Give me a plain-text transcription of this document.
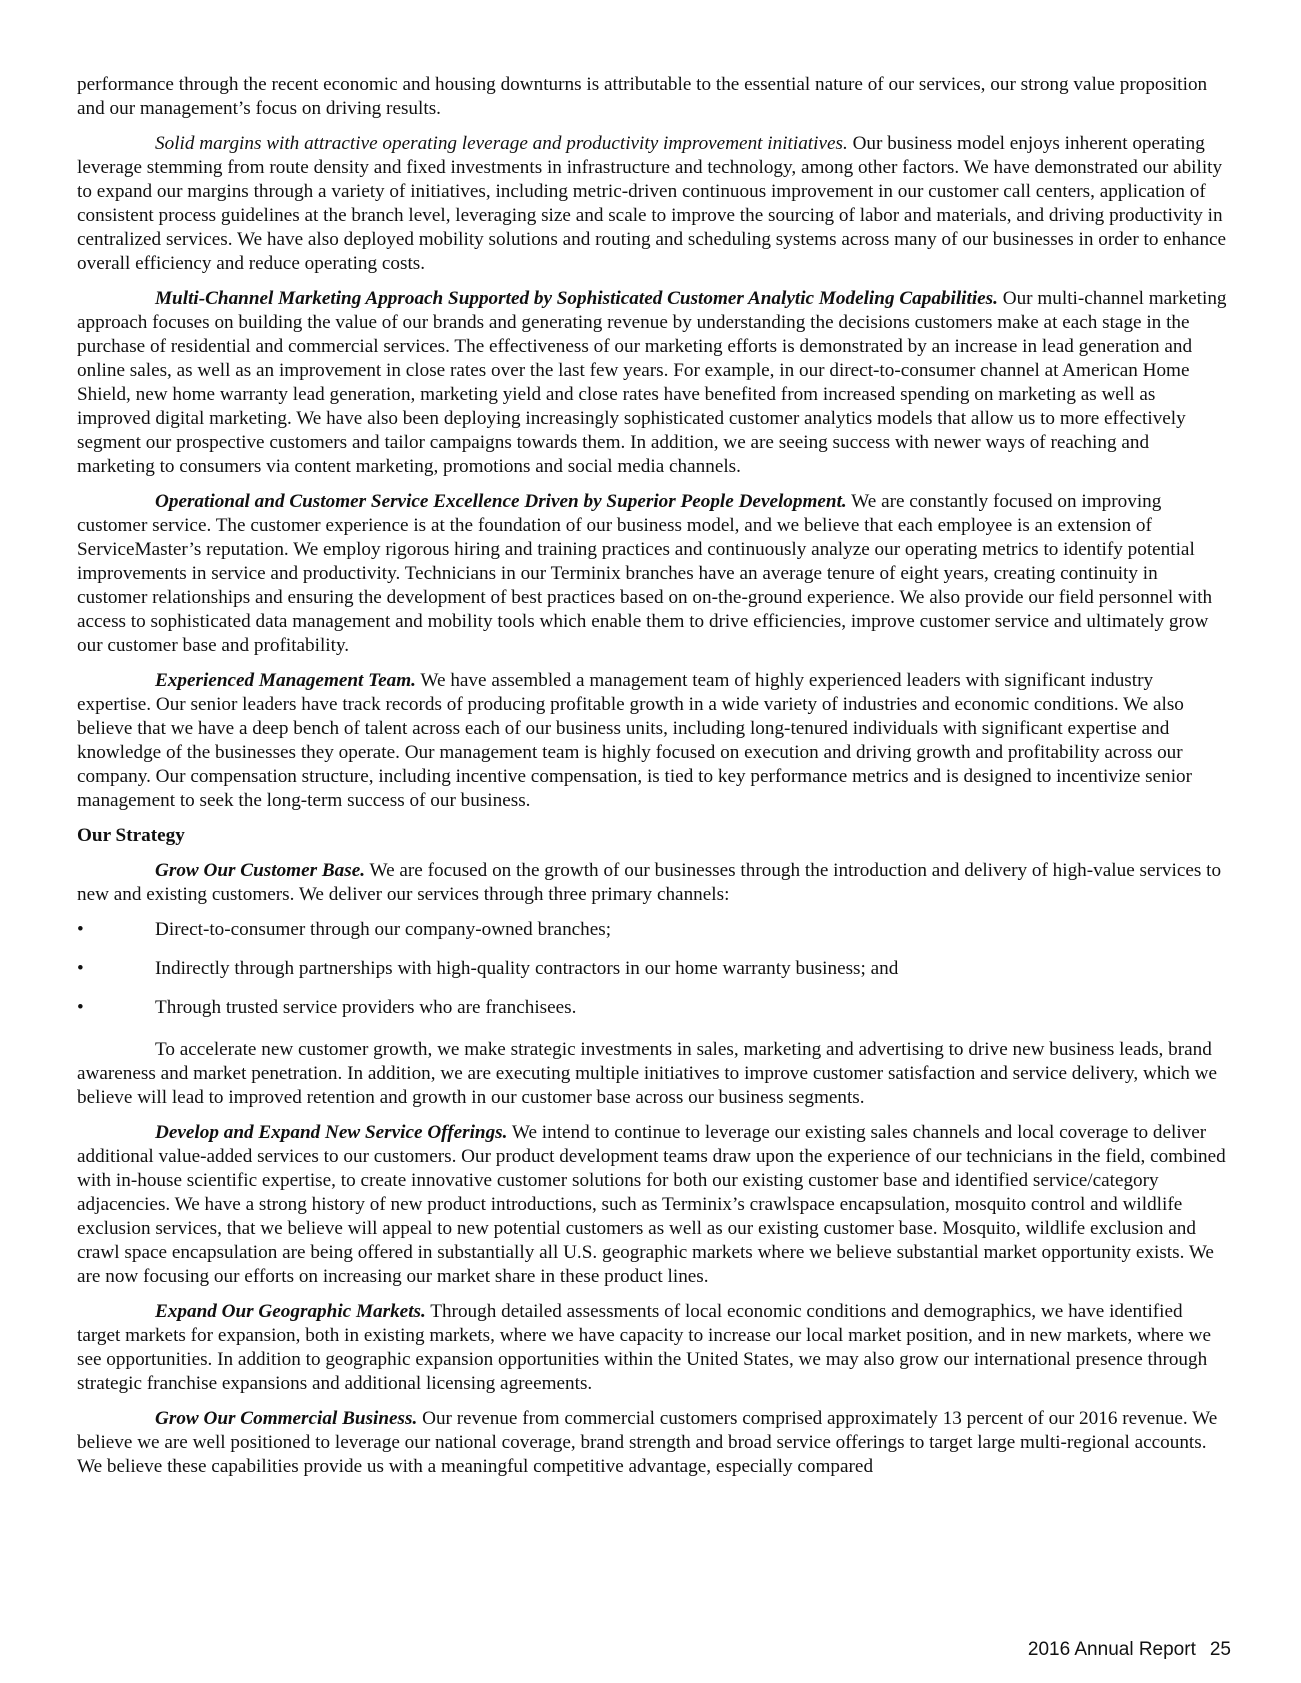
performance through the recent economic and housing downturns is attributable to the essential nature of our services, our strong value proposition and our management’s focus on driving results.

Solid margins with attractive operating leverage and productivity improvement initiatives. Our business model enjoys inherent operating leverage stemming from route density and fixed investments in infrastructure and technology, among other factors. We have demonstrated our ability to expand our margins through a variety of initiatives, including metric-driven continuous improvement in our customer call centers, application of consistent process guidelines at the branch level, leveraging size and scale to improve the sourcing of labor and materials, and driving productivity in centralized services. We have also deployed mobility solutions and routing and scheduling systems across many of our businesses in order to enhance overall efficiency and reduce operating costs.

Multi-Channel Marketing Approach Supported by Sophisticated Customer Analytic Modeling Capabilities. Our multi-channel marketing approach focuses on building the value of our brands and generating revenue by understanding the decisions customers make at each stage in the purchase of residential and commercial services. The effectiveness of our marketing efforts is demonstrated by an increase in lead generation and online sales, as well as an improvement in close rates over the last few years. For example, in our direct-to-consumer channel at American Home Shield, new home warranty lead generation, marketing yield and close rates have benefited from increased spending on marketing as well as improved digital marketing. We have also been deploying increasingly sophisticated customer analytics models that allow us to more effectively segment our prospective customers and tailor campaigns towards them. In addition, we are seeing success with newer ways of reaching and marketing to consumers via content marketing, promotions and social media channels.

Operational and Customer Service Excellence Driven by Superior People Development. We are constantly focused on improving customer service. The customer experience is at the foundation of our business model, and we believe that each employee is an extension of ServiceMaster’s reputation. We employ rigorous hiring and training practices and continuously analyze our operating metrics to identify potential improvements in service and productivity. Technicians in our Terminix branches have an average tenure of eight years, creating continuity in customer relationships and ensuring the development of best practices based on on-the-ground experience. We also provide our field personnel with access to sophisticated data management and mobility tools which enable them to drive efficiencies, improve customer service and ultimately grow our customer base and profitability.

Experienced Management Team. We have assembled a management team of highly experienced leaders with significant industry expertise. Our senior leaders have track records of producing profitable growth in a wide variety of industries and economic conditions. We also believe that we have a deep bench of talent across each of our business units, including long-tenured individuals with significant expertise and knowledge of the businesses they operate. Our management team is highly focused on execution and driving growth and profitability across our company. Our compensation structure, including incentive compensation, is tied to key performance metrics and is designed to incentivize senior management to seek the long-term success of our business.

Our Strategy

Grow Our Customer Base. We are focused on the growth of our businesses through the introduction and delivery of high-value services to new and existing customers. We deliver our services through three primary channels:

•	Direct-to-consumer through our company-owned branches;
•	Indirectly through partnerships with high-quality contractors in our home warranty business; and
•	Through trusted service providers who are franchisees.

To accelerate new customer growth, we make strategic investments in sales, marketing and advertising to drive new business leads, brand awareness and market penetration. In addition, we are executing multiple initiatives to improve customer satisfaction and service delivery, which we believe will lead to improved retention and growth in our customer base across our business segments.

Develop and Expand New Service Offerings. We intend to continue to leverage our existing sales channels and local coverage to deliver additional value-added services to our customers. Our product development teams draw upon the experience of our technicians in the field, combined with in-house scientific expertise, to create innovative customer solutions for both our existing customer base and identified service/category adjacencies. We have a strong history of new product introductions, such as Terminix’s crawlspace encapsulation, mosquito control and wildlife exclusion services, that we believe will appeal to new potential customers as well as our existing customer base. Mosquito, wildlife exclusion and crawl space encapsulation are being offered in substantially all U.S. geographic markets where we believe substantial market opportunity exists. We are now focusing our efforts on increasing our market share in these product lines.

Expand Our Geographic Markets. Through detailed assessments of local economic conditions and demographics, we have identified target markets for expansion, both in existing markets, where we have capacity to increase our local market position, and in new markets, where we see opportunities. In addition to geographic expansion opportunities within the United States, we may also grow our international presence through strategic franchise expansions and additional licensing agreements.

Grow Our Commercial Business. Our revenue from commercial customers comprised approximately 13 percent of our 2016 revenue. We believe we are well positioned to leverage our national coverage, brand strength and broad service offerings to target large multi-regional accounts. We believe these capabilities provide us with a meaningful competitive advantage, especially compared

2016 Annual Report 25
